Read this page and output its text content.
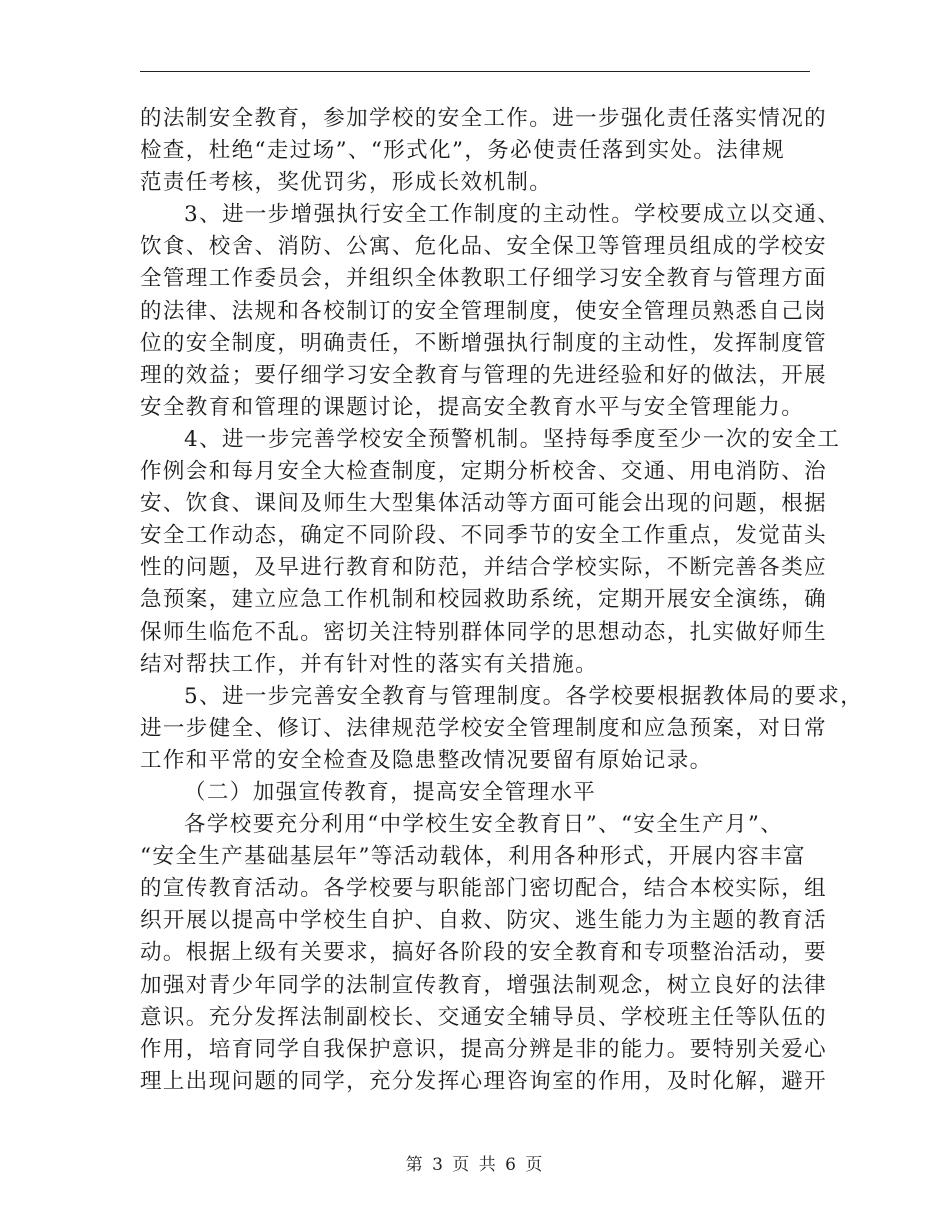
的法制安全教育，参加学校的安全工作。进一步强化责任落实情况的
检查，杜绝“走过场”、“形式化”，务必使责任落到实处。法律规
范责任考核，奖优罚劣，形成长效机制。
3、进一步增强执行安全工作制度的主动性。学校要成立以交通、
饮食、校舍、消防、公寓、危化品、安全保卫等管理员组成的学校安
全管理工作委员会，并组织全体教职工仔细学习安全教育与管理方面
的法律、法规和各校制订的安全管理制度，使安全管理员熟悉自己岗
位的安全制度，明确责任，不断增强执行制度的主动性，发挥制度管
理的效益；要仔细学习安全教育与管理的先进经验和好的做法，开展
安全教育和管理的课题讨论，提高安全教育水平与安全管理能力。
4、进一步完善学校安全预警机制。坚持每季度至少一次的安全工
作例会和每月安全大检查制度，定期分析校舍、交通、用电消防、治
安、饮食、课间及师生大型集体活动等方面可能会出现的问题，根据
安全工作动态，确定不同阶段、不同季节的安全工作重点，发觉苗头
性的问题，及早进行教育和防范，并结合学校实际，不断完善各类应
急预案，建立应急工作机制和校园救助系统，定期开展安全演练，确
保师生临危不乱。密切关注特别群体同学的思想动态，扎实做好师生
结对帮扶工作，并有针对性的落实有关措施。
5、进一步完善安全教育与管理制度。各学校要根据教体局的要求，
进一步健全、修订、法律规范学校安全管理制度和应急预案，对日常
工作和平常的安全检查及隐患整改情况要留有原始记录。
（二）加强宣传教育，提高安全管理水平
各学校要充分利用“中学校生安全教育日”、“安全生产月”、
“安全生产基础基层年”等活动载体，利用各种形式，开展内容丰富
的宣传教育活动。各学校要与职能部门密切配合，结合本校实际，组
织开展以提高中学校生自护、自救、防灾、逃生能力为主题的教育活
动。根据上级有关要求，搞好各阶段的安全教育和专项整治活动，要
加强对青少年同学的法制宣传教育，增强法制观念，树立良好的法律
意识。充分发挥法制副校长、交通安全辅导员、学校班主任等队伍的
作用，培育同学自我保护意识，提高分辨是非的能力。要特别关爱心
理上出现问题的同学，充分发挥心理咨询室的作用，及时化解，避开
第 3 页 共 6 页
